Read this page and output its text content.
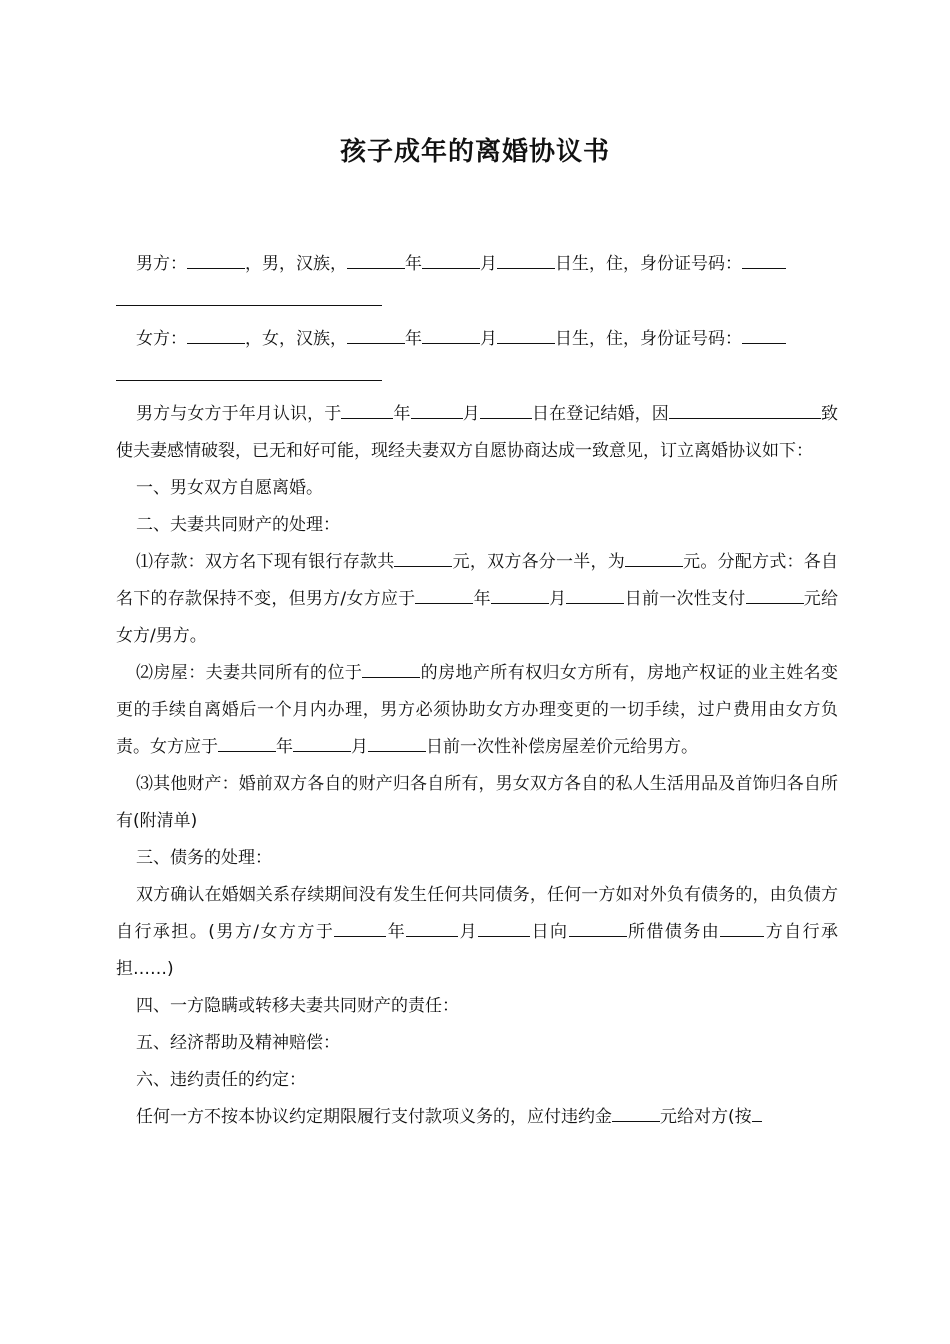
孩子成年的离婚协议书

男方：	，男，汉族，	年	月	日生，住，身份证号码：

女方：	，女，汉族，	年	月	日生，住，身份证号码：

男方与女方于年月认识，于	年	月	日在登记结婚，因	致使夫妻感情破裂，已无和好可能，现经夫妻双方自愿协商达成一致意见，订立离婚协议如下：

一、男女双方自愿离婚。

二、夫妻共同财产的处理：

⑴存款：双方名下现有银行存款共	元，双方各分一半，为	元。分配方式：各自名下的存款保持不变，但男方/女方应于	年	月	日前一次性支付	元给女方/男方。

⑵房屋：夫妻共同所有的位于	的房地产所有权归女方所有，房地产权证的业主姓名变更的手续自离婚后一个月内办理，男方必须协助女方办理变更的一切手续，过户费用由女方负责。女方应于	年	月	日前一次性补偿房屋差价元给男方。

⑶其他财产：婚前双方各自的财产归各自所有，男女双方各自的私人生活用品及首饰归各自所有(附清单)

三、债务的处理：

双方确认在婚姻关系存续期间没有发生任何共同债务，任何一方如对外负有债务的，由负债方自行承担。(男方/女方方于	年	月	日向	所借债务由	方自行承担……)

四、一方隐瞒或转移夫妻共同财产的责任：

五、经济帮助及精神赔偿：

六、违约责任的约定：

任何一方不按本协议约定期限履行支付款项义务的，应付违约金	元给对方(按
